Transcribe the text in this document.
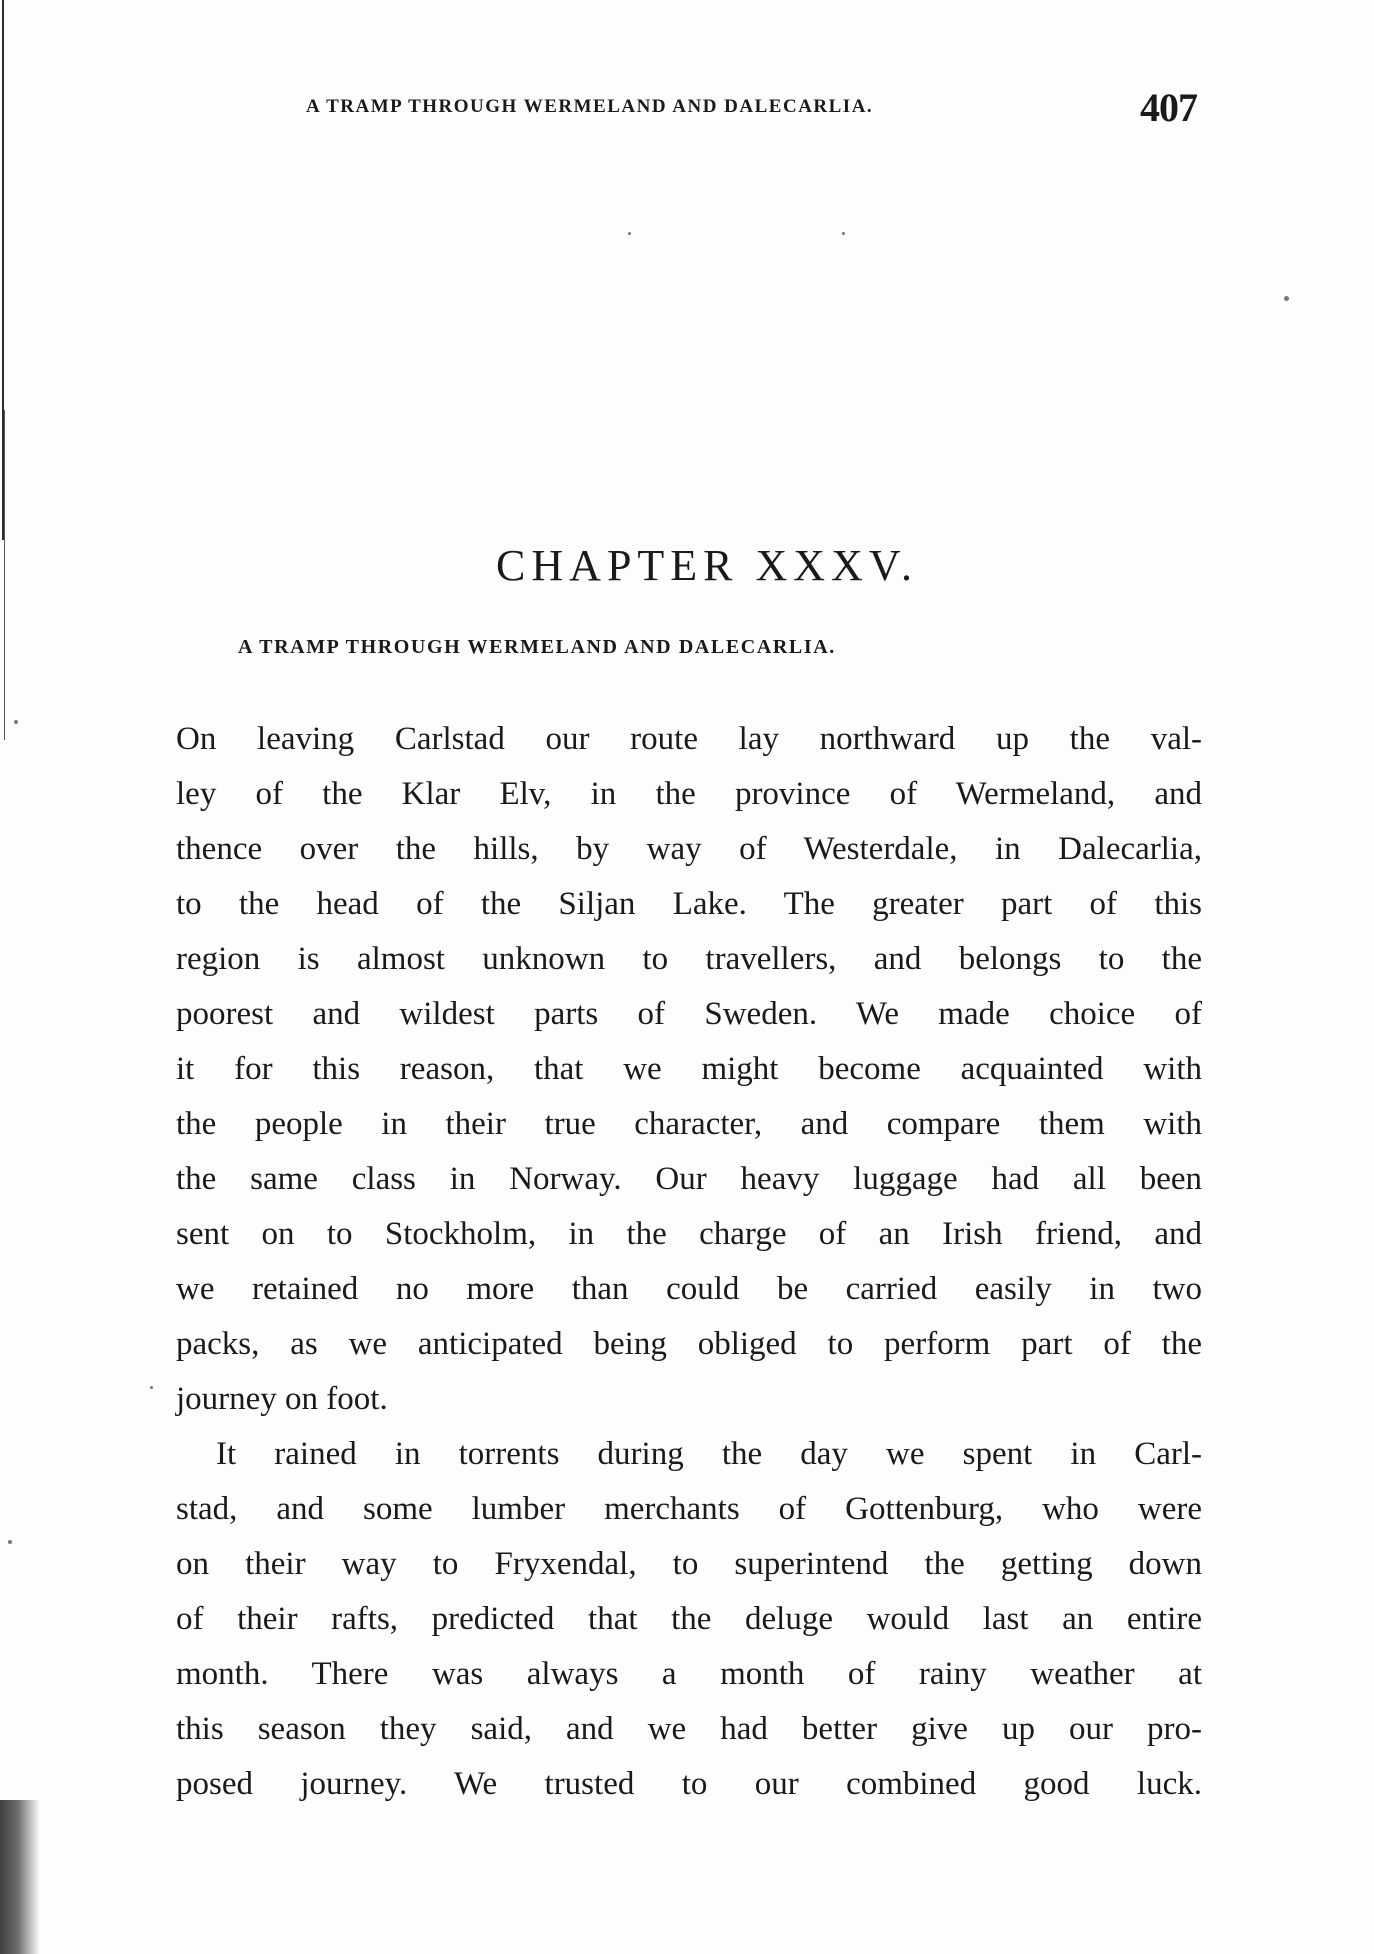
A TRAMP THROUGH WERMELAND AND DALECARLIA.	407
CHAPTER XXXV.
A TRAMP THROUGH WERMELAND AND DALECARLIA.
On leaving Carlstad our route lay northward up the val-
ley of the Klar Elv, in the province of Wermeland, and
thence over the hills, by way of Westerdale, in Dalecarlia,
to the head of the Siljan Lake. The greater part of this
region is almost unknown to travellers, and belongs to the
poorest and wildest parts of Sweden. We made choice of
it for this reason, that we might become acquainted with
the people in their true character, and compare them with
the same class in Norway. Our heavy luggage had all been
sent on to Stockholm, in the charge of an Irish friend, and
we retained no more than could be carried easily in two
packs, as we anticipated being obliged to perform part of the
journey on foot.
It rained in torrents during the day we spent in Carl-
stad, and some lumber merchants of Gottenburg, who were
on their way to Fryxendal, to superintend the getting down
of their rafts, predicted that the deluge would last an entire
month. There was always a month of rainy weather at
this season they said, and we had better give up our pro-
posed journey. We trusted to our combined good luck.
